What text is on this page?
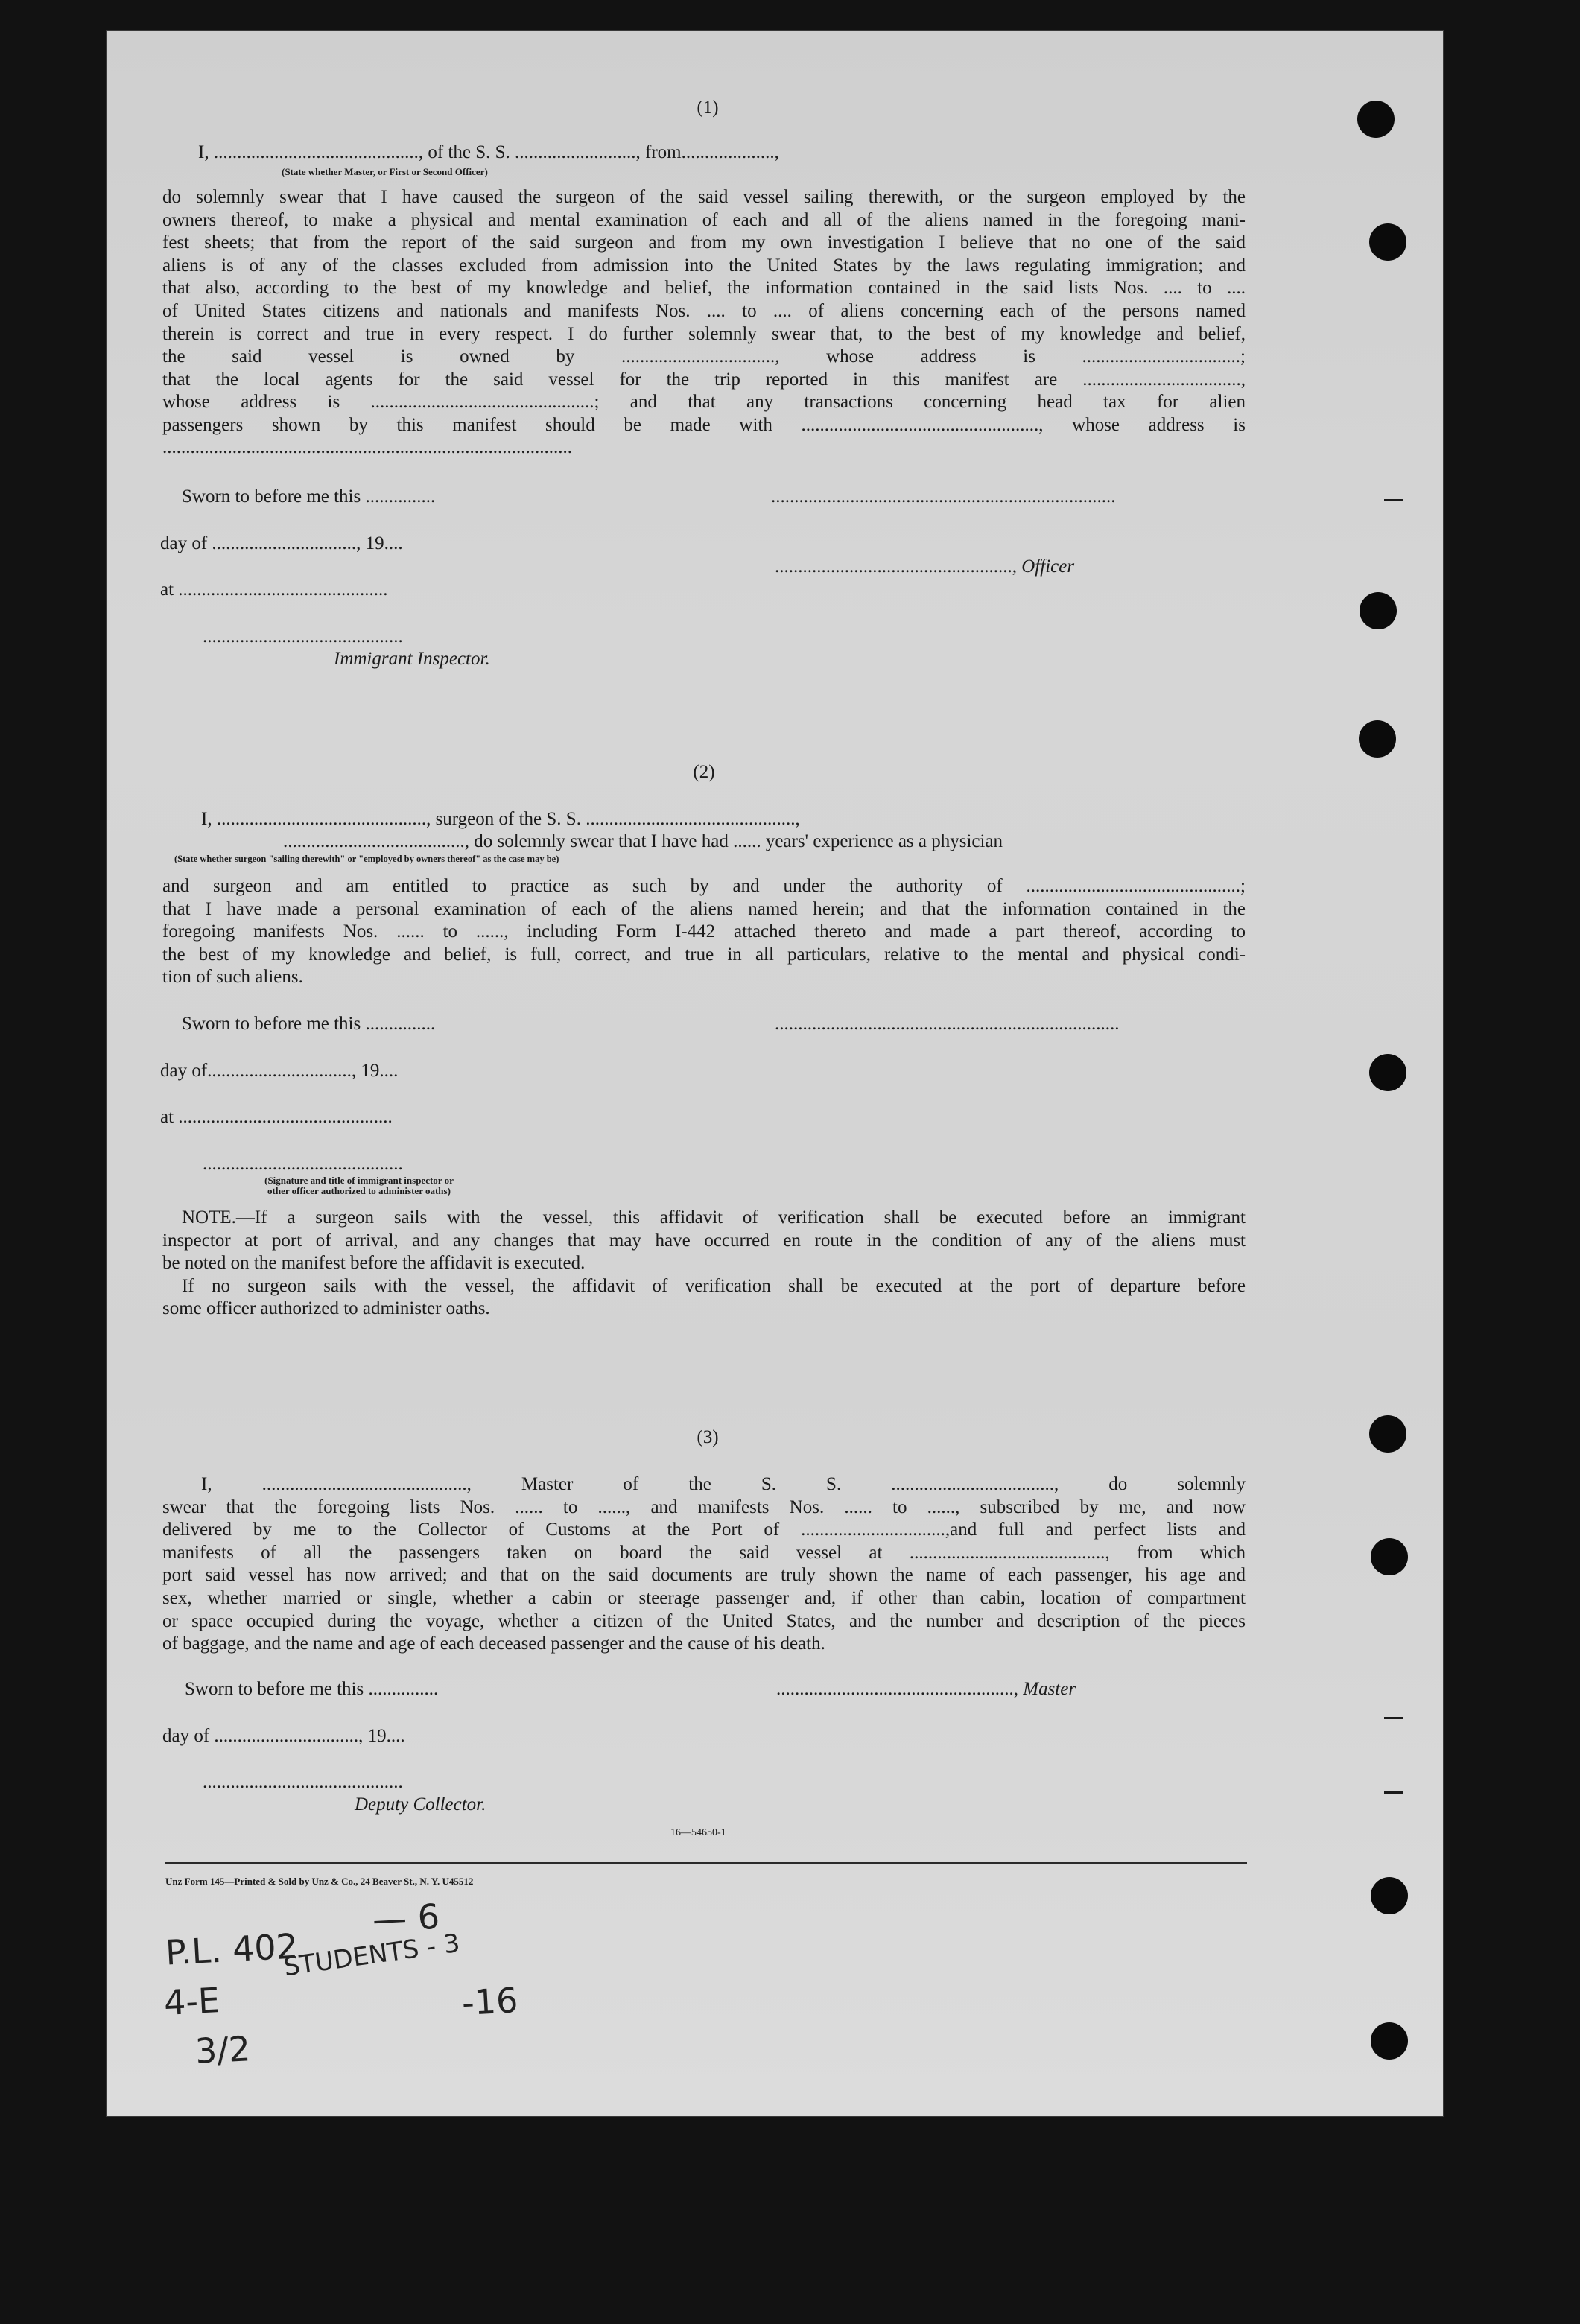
(1)
I, ............................................, of the S. S. .........................., from....................,
(State whether Master, or First or Second Officer)
do solemnly swear that I have caused the surgeon of the said vessel sailing therewith, or the surgeon employed by the
owners thereof, to make a physical and mental examination of each and all of the aliens named in the foregoing mani-
fest sheets; that from the report of the said surgeon and from my own investigation I believe that no one of the said
aliens is of any of the classes excluded from admission into the United States by the laws regulating immigration; and
that also, according to the best of my knowledge and belief, the information contained in the said lists Nos. .... to ....
of United States citizens and nationals and manifests Nos. .... to .... of aliens concerning each of the persons named
therein is correct and true in every respect. I do further solemnly swear that, to the best of my knowledge and belief,
the said vessel is owned by ................................., whose address is ..................................;
that the local agents for the said vessel for the trip reported in this manifest are ..................................,
whose address is ................................................; and that any transactions concerning head tax for alien
passengers shown by this manifest should be made with ..................................................., whose address is
........................................................................................
Sworn to before me this ...............	..........................................................................
day of ..............................., 19....
..................................................., Officer
at .............................................
...........................................
Immigrant Inspector.
(2)
I, ............................................., surgeon of the S. S. .............................................,
......................................., do solemnly swear that I have had ...... years' experience as a physician
(State whether surgeon "sailing therewith" or "employed by owners thereof" as the case may be)
and surgeon and am entitled to practice as such by and under the authority of ..............................................;
that I have made a personal examination of each of the aliens named herein; and that the information contained in the
foregoing manifests Nos. ...... to ......, including Form I-442 attached thereto and made a part thereof, according to
the best of my knowledge and belief, is full, correct, and true in all particulars, relative to the mental and physical condi-
tion of such aliens.
Sworn to before me this ...............	..........................................................................
day of..............................., 19....
at ..............................................
...........................................
(Signature and title of immigrant inspector or
other officer authorized to administer oaths)
NOTE.—If a surgeon sails with the vessel, this affidavit of verification shall be executed before an immigrant
inspector at port of arrival, and any changes that may have occurred en route in the condition of any of the aliens must
be noted on the manifest before the affidavit is executed.
If no surgeon sails with the vessel, the affidavit of verification shall be executed at the port of departure before
some officer authorized to administer oaths.
(3)
I, ............................................, Master of the S. S. ..................................., do solemnly
swear that the foregoing lists Nos. ...... to ......, and manifests Nos. ...... to ......, subscribed by me, and now
delivered by me to the Collector of Customs at the Port of ...............................,and full and perfect lists and
manifests of all the passengers taken on board the said vessel at .........................................., from which
port said vessel has now arrived; and that on the said documents are truly shown the name of each passenger, his age and
sex, whether married or single, whether a cabin or steerage passenger and, if other than cabin, location of compartment
or space occupied during the voyage, whether a citizen of the United States, and the number and description of the pieces
of baggage, and the name and age of each deceased passenger and the cause of his death.
Sworn to before me this ...............	..................................................., Master
day of ..............................., 19....
...........................................
Deputy Collector.
16—54650-1
Unz Form 145—Printed & Sold by Unz & Co., 24 Beaver St., N. Y. U45512
P.L. 402
— 6
4-E
STUDENTS - 3
-16
3/2
